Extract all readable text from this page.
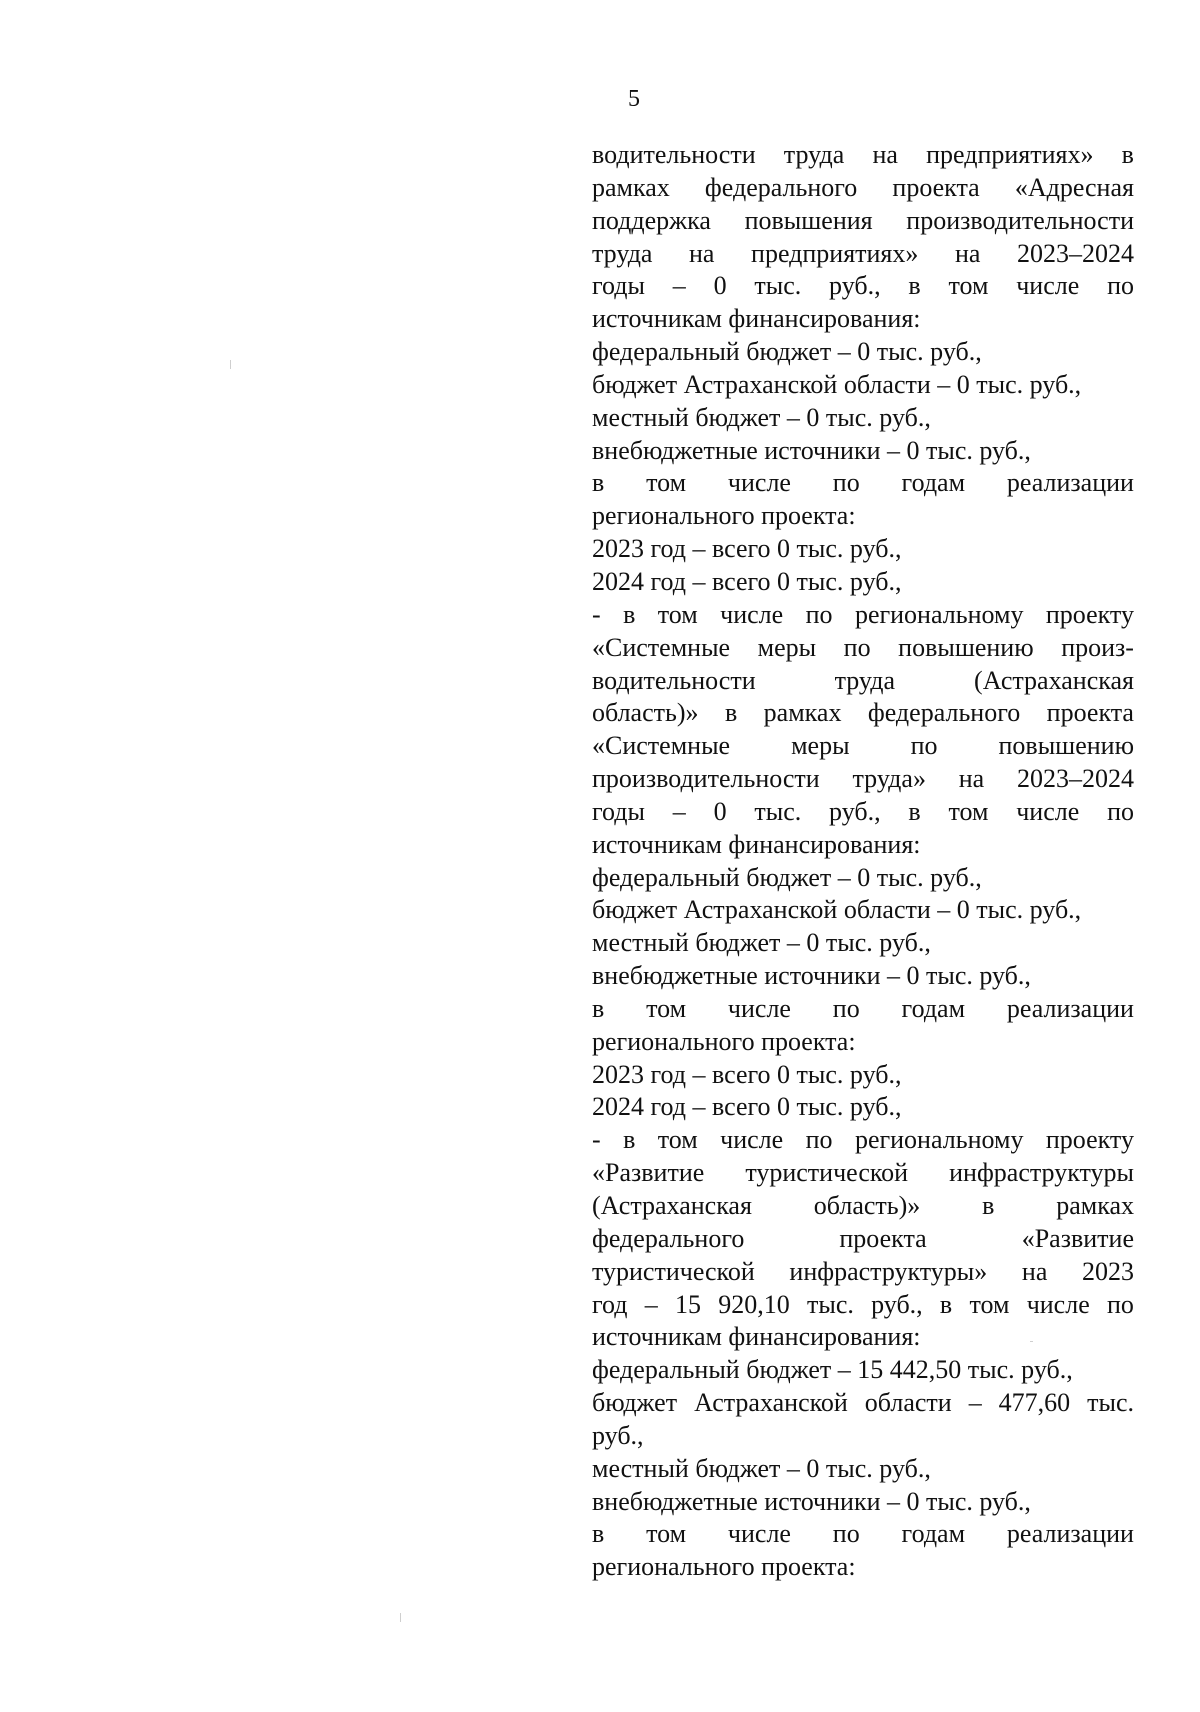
5
водительности труда на предприятиях» в
рамках федерального проекта «Адресная
поддержка повышения производительности
труда на предприятиях» на 2023–2024
годы – 0 тыс. руб., в том числе по
источникам финансирования:
федеральный бюджет – 0 тыс. руб.,
бюджет Астраханской области – 0 тыс. руб.,
местный бюджет – 0 тыс. руб.,
внебюджетные источники – 0 тыс. руб.,
в том числе по годам реализации
регионального проекта:
2023 год – всего 0 тыс. руб.,
2024 год – всего 0 тыс. руб.,
- в том числе по региональному проекту
«Системные меры по повышению произ-
водительности	труда	(Астраханская
область)» в рамках федерального проекта
«Системные меры по повышению
производительности труда» на 2023–2024
годы – 0 тыс. руб., в том числе по
источникам финансирования:
федеральный бюджет – 0 тыс. руб.,
бюджет Астраханской области – 0 тыс. руб.,
местный бюджет – 0 тыс. руб.,
внебюджетные источники – 0 тыс. руб.,
в том числе по годам реализации
регионального проекта:
2023 год – всего 0 тыс. руб.,
2024 год – всего 0 тыс. руб.,
- в том числе по региональному проекту
«Развитие туристической инфраструктуры
(Астраханская область)» в рамках
федерального	проекта	«Развитие
туристической инфраструктуры» на 2023
год – 15 920,10 тыс. руб., в том числе по
источникам финансирования:
федеральный бюджет – 15 442,50 тыс. руб.,
бюджет Астраханской области – 477,60 тыс.
руб.,
местный бюджет – 0 тыс. руб.,
внебюджетные источники – 0 тыс. руб.,
в том числе по годам реализации
регионального проекта:
